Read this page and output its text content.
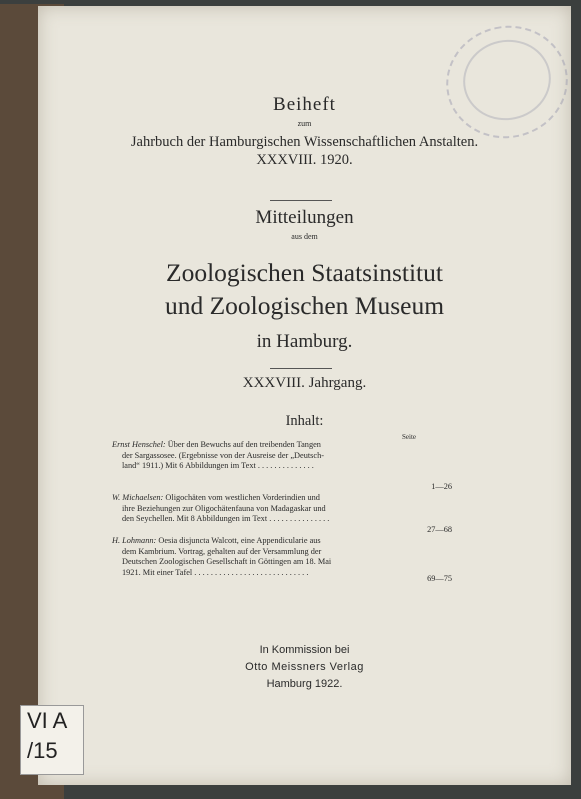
Beiheft
zum
Jahrbuch der Hamburgischen Wissenschaftlichen Anstalten.
XXXVIII. 1920.
Mitteilungen
aus dem
Zoologischen Staatsinstitut
und Zoologischen Museum
in Hamburg.
XXXVIII. Jahrgang.
Inhalt:
Seite
Ernst Henschel: Über den Bewuchs auf den treibenden Tangen
der Sargassosee. (Ergebnisse von der Ausreise der „Deutsch-
land“ 1911.) Mit 6 Abbildungen im Text . . . . . . . . . . . . . .
1—26
W. Michaelsen: Oligochäten vom westlichen Vorderindien und
ihre Beziehungen zur Oligochätenfauna von Madagaskar und
den Seychellen. Mit 8 Abbildungen im Text . . . . . . . . . . . . . . .
27—68
H. Lohmann: Oesia disjuncta Walcott, eine Appendicularie aus
dem Kambrium. Vortrag, gehalten auf der Versammlung der
Deutschen Zoologischen Gesellschaft in Göttingen am 18. Mai
1921. Mit einer Tafel . . . . . . . . . . . . . . . . . . . . . . . . . . . .
69—75
In Kommission bei
Otto Meissners Verlag
Hamburg 1922.
VI A
/15
